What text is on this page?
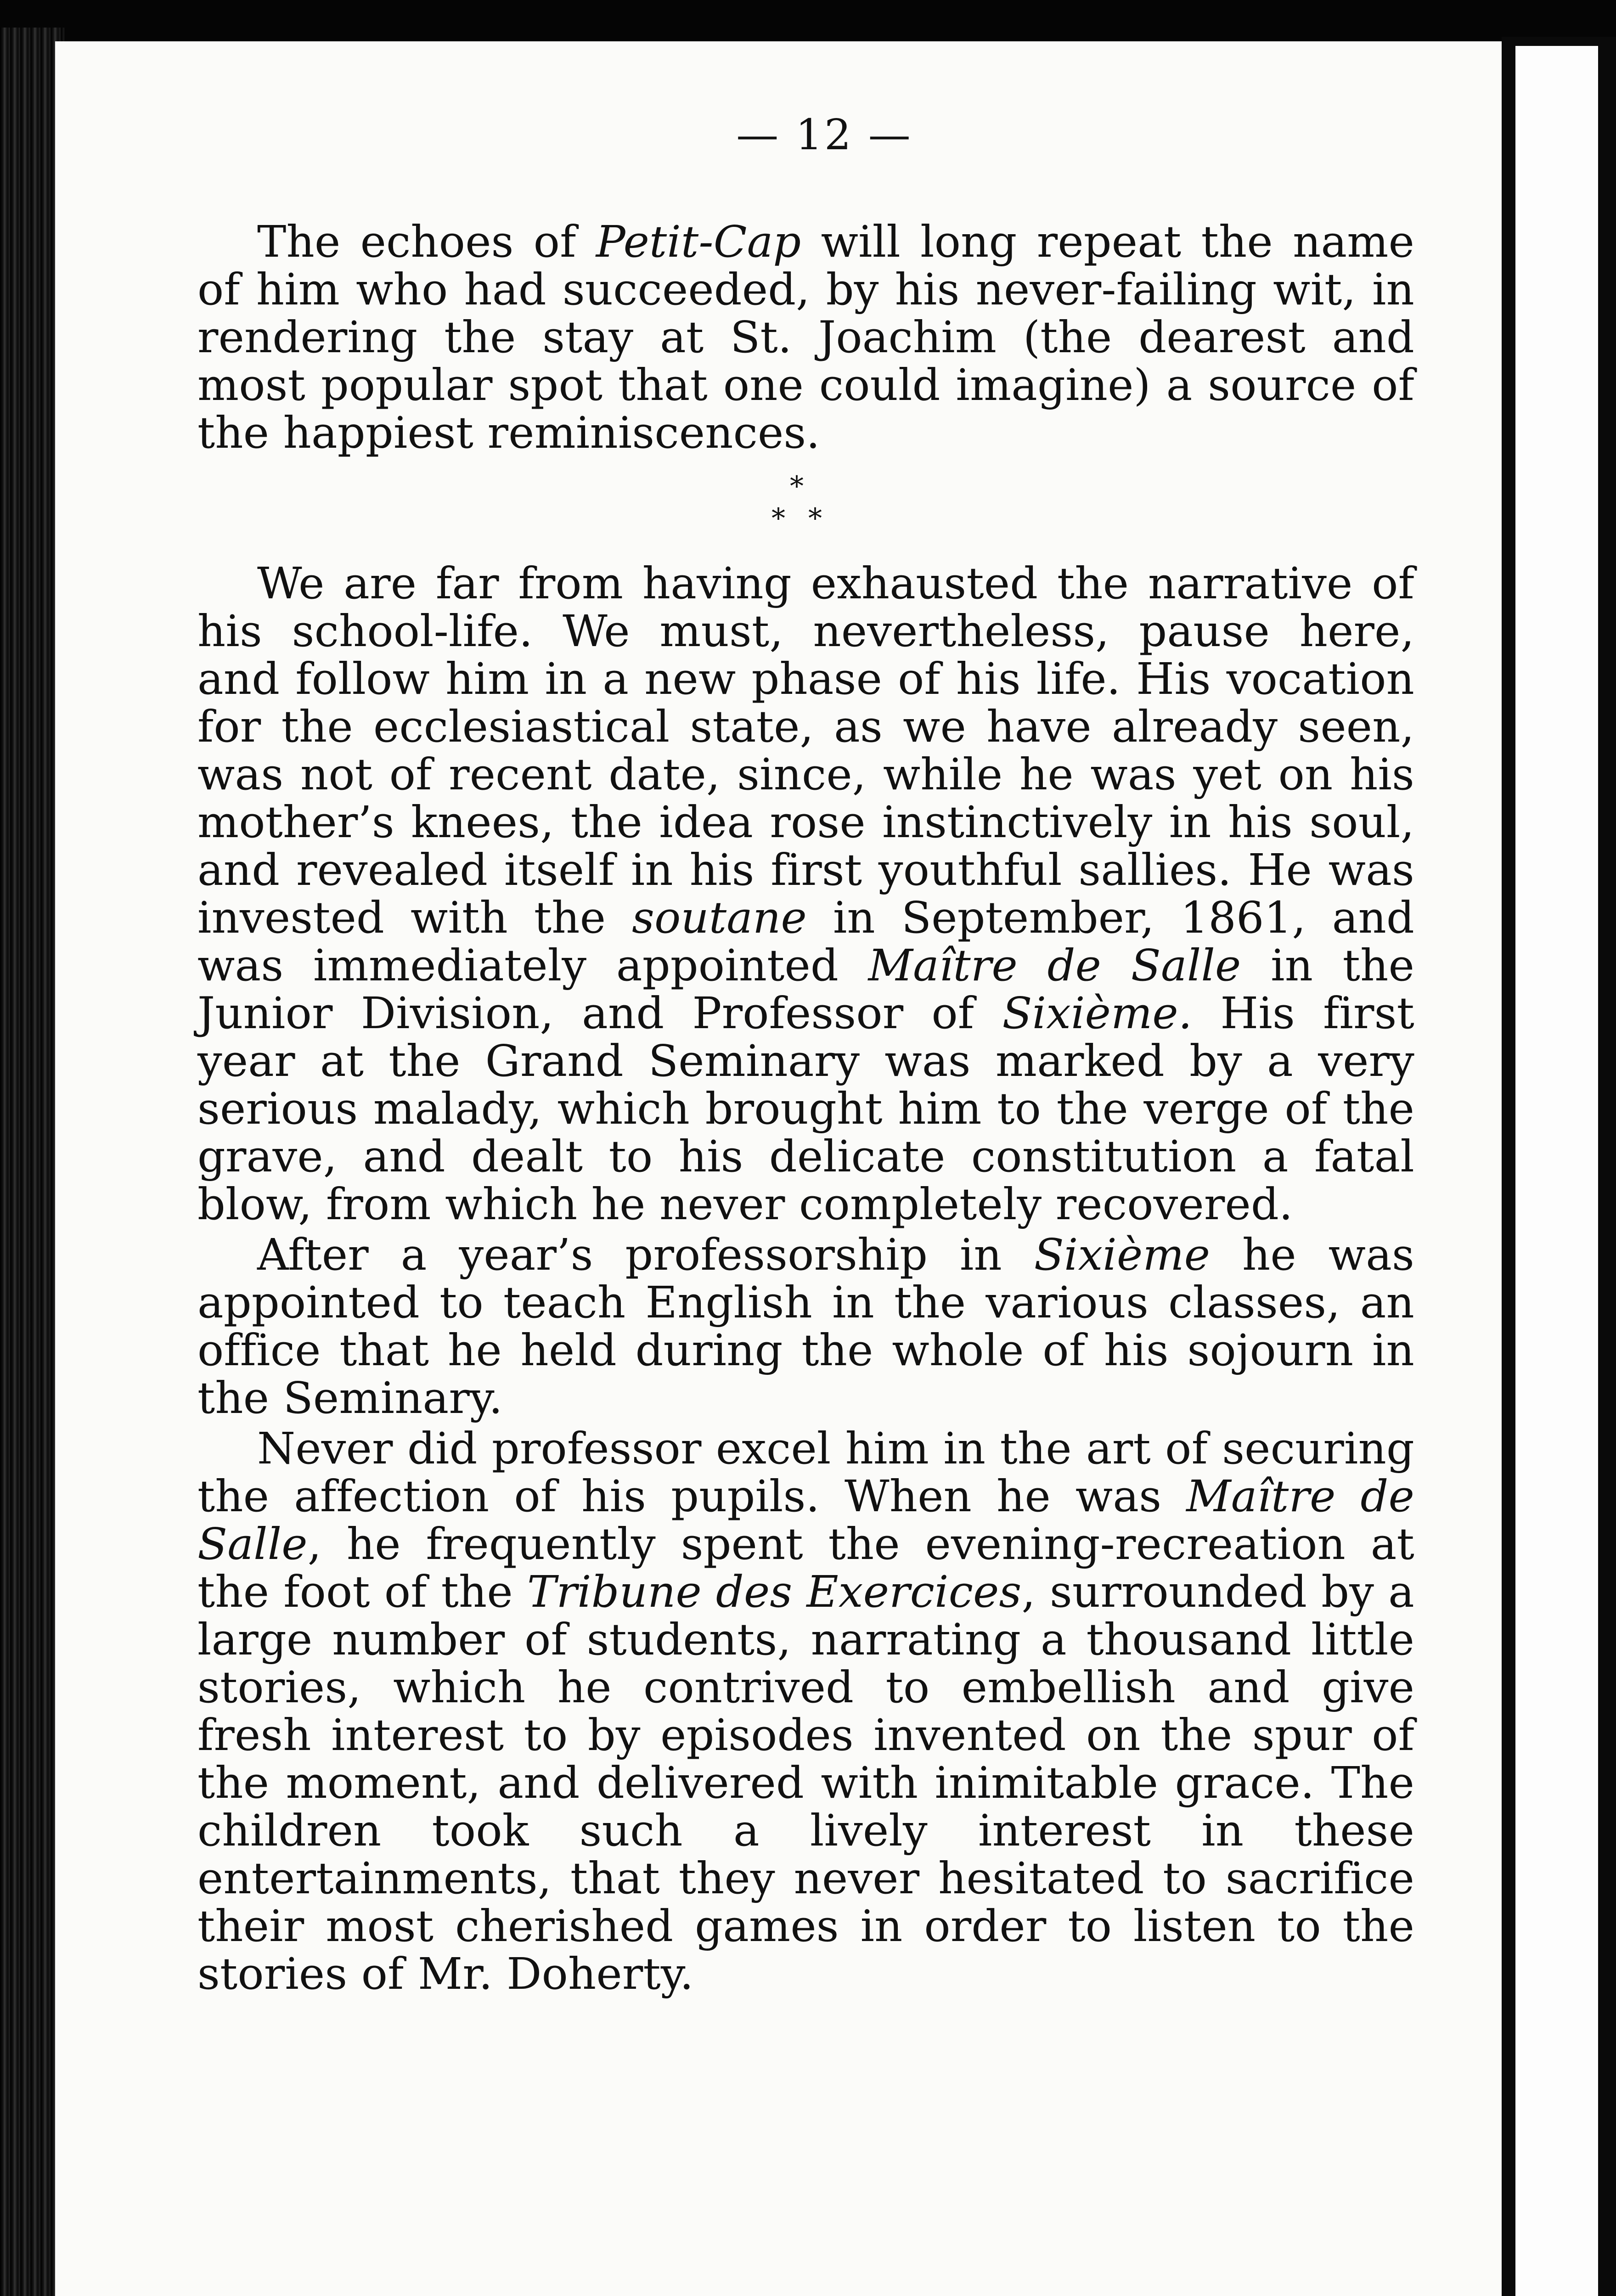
— 12 —

The echoes of Petit-Cap will long repeat the name of him who had succeeded, by his never-failing wit, in rendering the stay at St. Joachim (the dearest and most popular spot that one could imagine) a source of the happiest reminiscences.

*
* *

We are far from having exhausted the narrative of his school-life. We must, nevertheless, pause here, and follow him in a new phase of his life. His vocation for the ecclesiastical state, as we have already seen, was not of recent date, since, while he was yet on his mother’s knees, the idea rose instinctively in his soul, and revealed itself in his first youthful sallies. He was invested with the soutane in September, 1861, and was immediately appointed Maître de Salle in the Junior Division, and Professor of Sixième. His first year at the Grand Seminary was marked by a very serious malady, which brought him to the verge of the grave, and dealt to his delicate constitution a fatal blow, from which he never completely recovered.

After a year’s professorship in Sixième he was appointed to teach English in the various classes, an office that he held during the whole of his sojourn in the Seminary.

Never did professor excel him in the art of securing the affection of his pupils. When he was Maître de Salle, he frequently spent the evening-recreation at the foot of the Tribune des Exercices, surrounded by a large number of students, narrating a thousand little stories, which he contrived to embellish and give fresh interest to by episodes invented on the spur of the moment, and delivered with inimitable grace. The children took such a lively interest in these entertainments, that they never hesitated to sacrifice their most cherished games in order to listen to the stories of Mr. Doherty.
